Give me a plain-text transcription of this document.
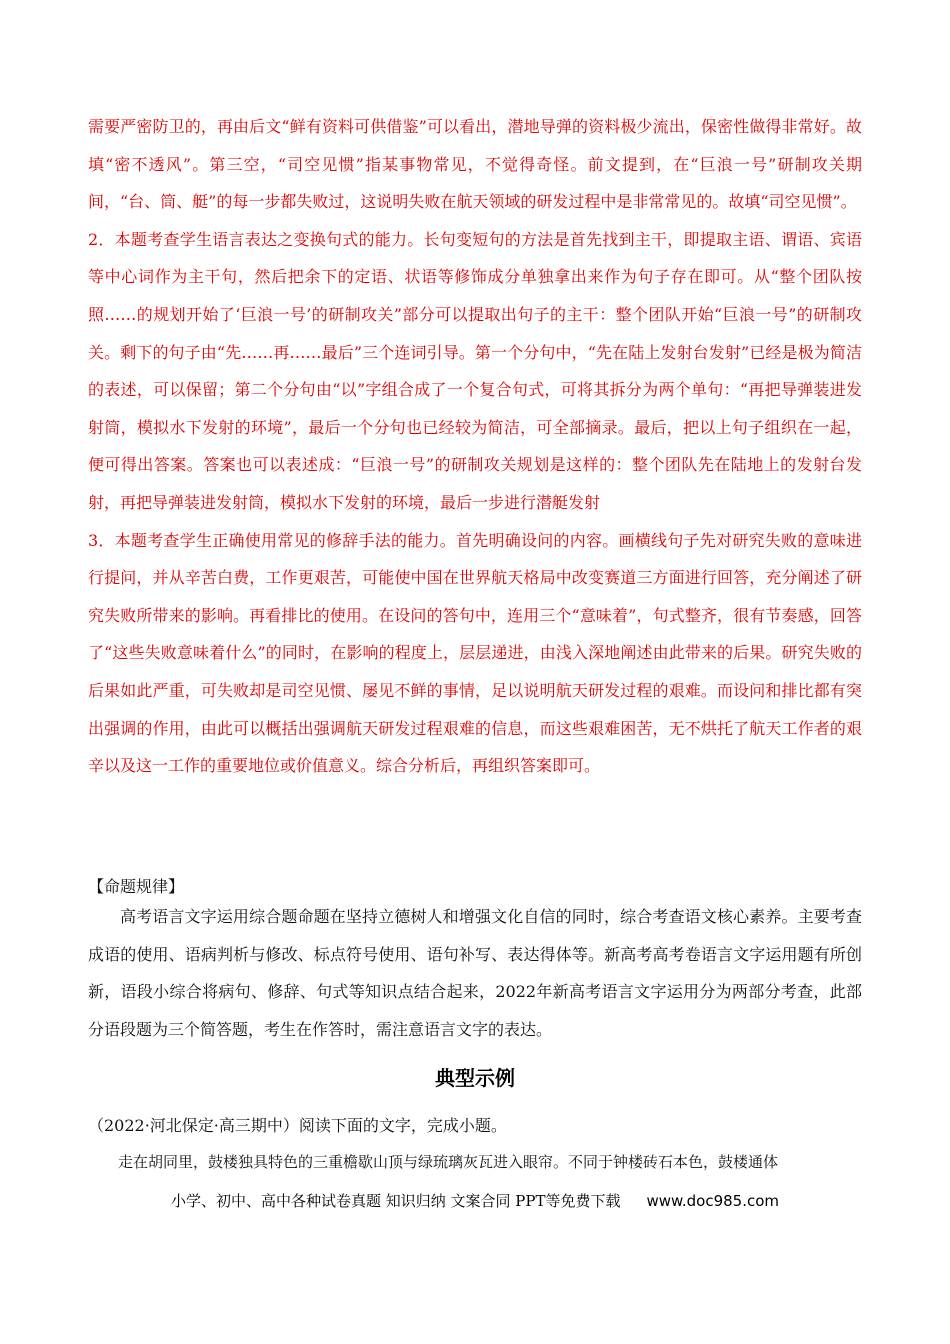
需要严密防卫的，再由后文“鲜有资料可供借鉴”可以看出，潜地导弹的资料极少流出，保密性做得非常好。故填“密不透风”。第三空，“司空见惯”指某事物常见，不觉得奇怪。前文提到，在“巨浪一号”研制攻关期间，“台、筒、艇”的每一步都失败过，这说明失败在航天领域的研发过程中是非常常见的。故填“司空见惯”。

2．本题考查学生语言表达之变换句式的能力。长句变短句的方法是首先找到主干，即提取主语、谓语、宾语等中心词作为主干句，然后把余下的定语、状语等修饰成分单独拿出来作为句子存在即可。从“整个团队按照……的规划开始了‘巨浪一号’的研制攻关”部分可以提取出句子的主干：整个团队开始“巨浪一号”的研制攻关。剩下的句子由“先……再……最后”三个连词引导。第一个分句中，“先在陆上发射台发射”已经是极为简洁的表述，可以保留；第二个分句由“以”字组合成了一个复合句式，可将其拆分为两个单句：“再把导弹装进发射筒，模拟水下发射的环境”，最后一个分句也已经较为简洁，可全部摘录。最后，把以上句子组织在一起，便可得出答案。答案也可以表述成：“巨浪一号”的研制攻关规划是这样的：整个团队先在陆地上的发射台发射，再把导弹装进发射筒，模拟水下发射的环境，最后一步进行潜艇发射

3．本题考查学生正确使用常见的修辞手法的能力。首先明确设问的内容。画横线句子先对研究失败的意味进行提问，并从辛苦白费，工作更艰苦，可能使中国在世界航天格局中改变赛道三方面进行回答，充分阐述了研究失败所带来的影响。再看排比的使用。在设问的答句中，连用三个“意味着”，句式整齐，很有节奏感，回答了“这些失败意味着什么”的同时，在影响的程度上，层层递进，由浅入深地阐述由此带来的后果。研究失败的后果如此严重，可失败却是司空见惯、屡见不鲜的事情，足以说明航天研发过程的艰难。而设问和排比都有突出强调的作用，由此可以概括出强调航天研发过程艰难的信息，而这些艰难困苦，无不烘托了航天工作者的艰辛以及这一工作的重要地位或价值意义。综合分析后，再组织答案即可。

【命题规律】
高考语言文字运用综合题命题在坚持立德树人和增强文化自信的同时，综合考查语文核心素养。主要考查成语的使用、语病判析与修改、标点符号使用、语句补写、表达得体等。新高考高考卷语言文字运用题有所创新，语段小综合将病句、修辞、句式等知识点结合起来，2022年新高考语言文字运用分为两部分考查，此部分语段题为三个简答题，考生在作答时，需注意语言文字的表达。
典型示例
（2022·河北保定·高三期中）阅读下面的文字，完成小题。
走在胡同里，鼓楼独具特色的三重檐歇山顶与绿琉璃灰瓦进入眼帘。不同于钟楼砖石本色，鼓楼通体
小学、初中、高中各种试卷真题 知识归纳 文案合同 PPT等免费下载 www.doc985.com
